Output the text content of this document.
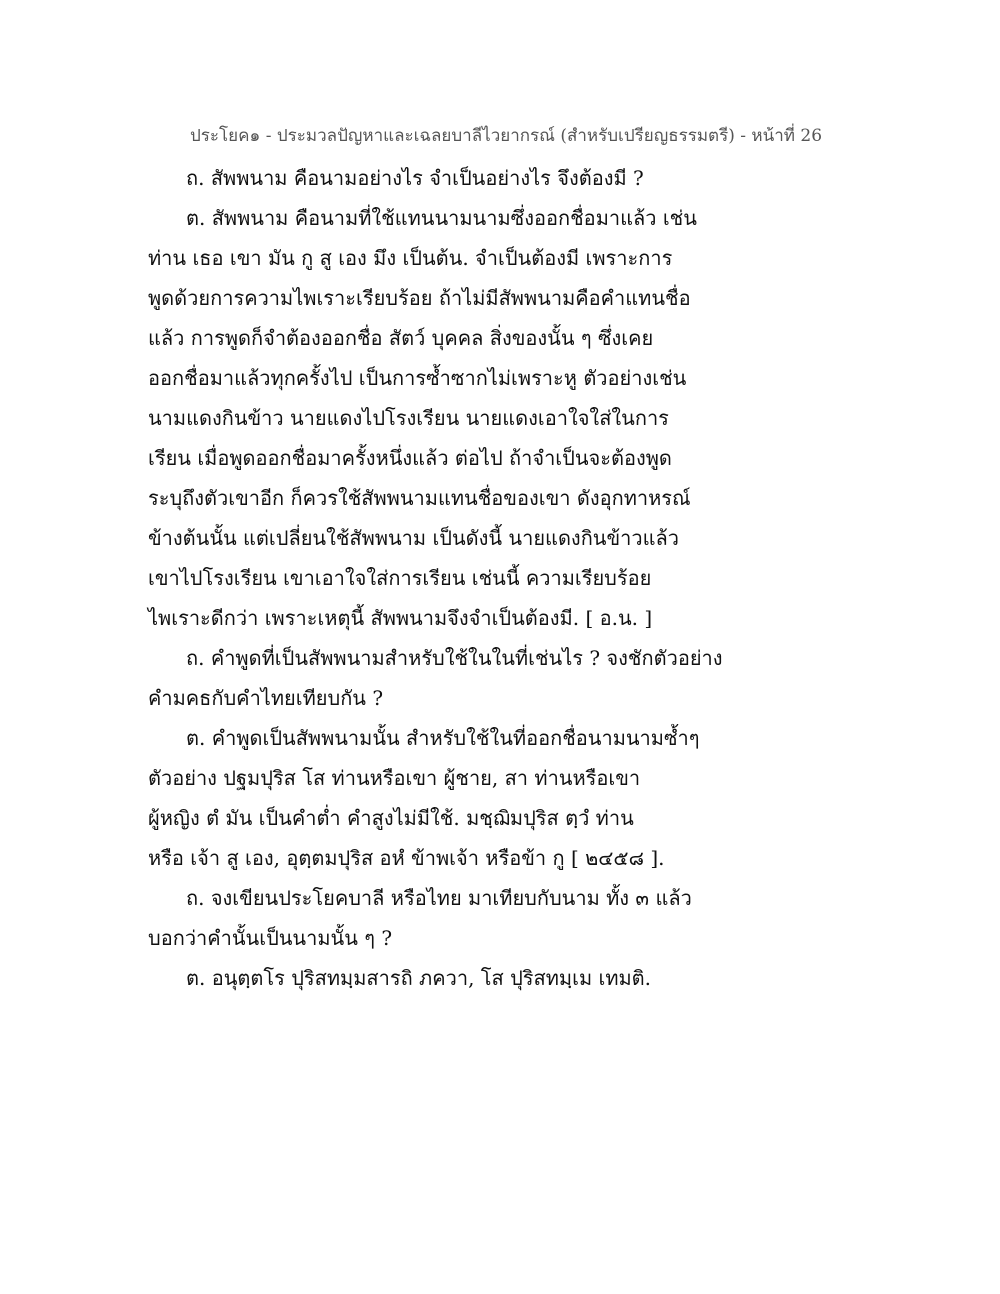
ประโยค๑ - ประมวลปัญหาและเฉลยบาลีไวยากรณ์ (สำหรับเปรียญธรรมตรี) - หน้าที่ 26
ถ. สัพพนาม คือนามอย่างไร จำเป็นอย่างไร จึงต้องมี ?
ต. สัพพนาม คือนามที่ใช้แทนนามนามซึ่งออกชื่อมาแล้ว เช่น
ท่าน เธอ เขา มัน กู สู เอง มึง เป็นต้น. จำเป็นต้องมี เพราะการ
พูดด้วยการความไพเราะเรียบร้อย ถ้าไม่มีสัพพนามคือคำแทนชื่อ
แล้ว การพูดก็จำต้องออกชื่อ สัตว์ บุคคล สิ่งของนั้น ๆ ซึ่งเคย
ออกชื่อมาแล้วทุกครั้งไป เป็นการซ้ำซากไม่เพราะหู ตัวอย่างเช่น
นามแดงกินข้าว นายแดงไปโรงเรียน นายแดงเอาใจใส่ในการ
เรียน เมื่อพูดออกชื่อมาครั้งหนึ่งแล้ว ต่อไป ถ้าจำเป็นจะต้องพูด
ระบุถึงตัวเขาอีก ก็ควรใช้สัพพนามแทนชื่อของเขา ดังอุกทาหรณ์
ข้างต้นนั้น แต่เปลี่ยนใช้สัพพนาม เป็นดังนี้ นายแดงกินข้าวแล้ว
เขาไปโรงเรียน เขาเอาใจใส่การเรียน เช่นนี้ ความเรียบร้อย
ไพเราะดีกว่า เพราะเหตุนี้ สัพพนามจึงจำเป็นต้องมี. [ อ.น. ]
ถ. คำพูดที่เป็นสัพพนามสำหรับใช้ในในที่เช่นไร ? จงชักตัวอย่าง
คำมคธกับคำไทยเทียบกัน ?
ต. คำพูดเป็นสัพพนามนั้น สำหรับใช้ในที่ออกชื่อนามนามซ้ำๆ
ตัวอย่าง ปฐมปุริส โส ท่านหรือเขา ผู้ชาย, สา ท่านหรือเขา
ผู้หญิง ตํ มัน เป็นคำต่ำ คำสูงไม่มีใช้. มชฺฌิมปุริส ตฺวํ ท่าน
หรือ เจ้า สู เอง, อุตฺตมปุริส อหํ ข้าพเจ้า หรือข้า กู [ ๒๔๕๘ ].
ถ. จงเขียนประโยคบาลี หรือไทย มาเทียบกับนาม ทั้ง ๓ แล้ว
บอกว่าคำนั้นเป็นนามนั้น ๆ ?
ต. อนุตฺตโร ปุริสทมฺมสารถิ ภควา, โส ปุริสทมฺเม เทมติ.
